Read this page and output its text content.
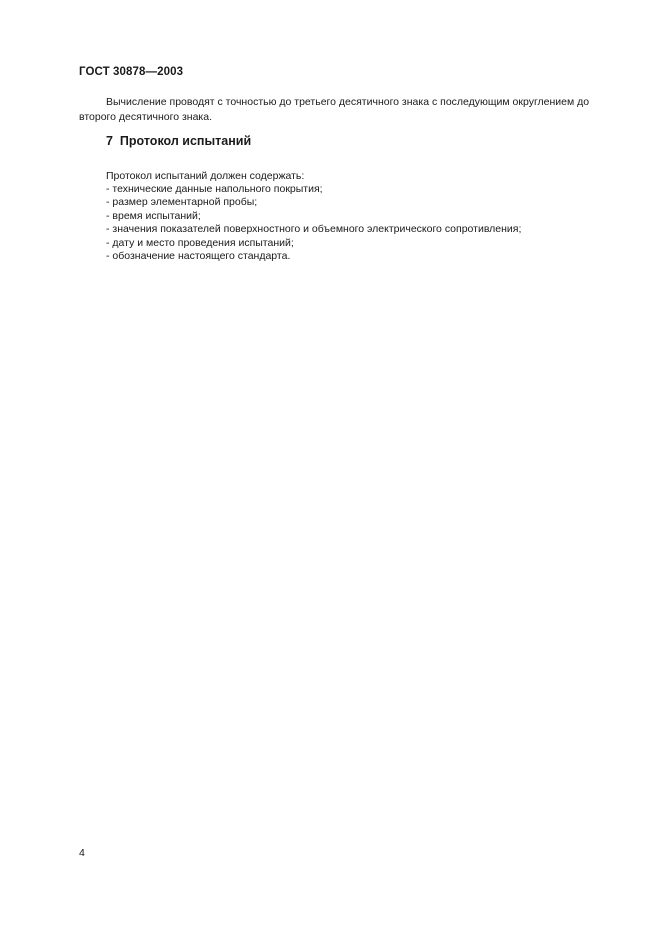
ГОСТ 30878—2003

Вычисление проводят с точностью до третьего десятичного знака с последующим округлением до второго десятичного знака.

7 Протокол испытаний

Протокол испытаний должен содержать:

- технические данные напольного покрытия;
- размер элементарной пробы;
- время испытаний;
- значения показателей поверхностного и объемного электрического сопротивления;
- дату и место проведения испытаний;
- обозначение настоящего стандарта.
4
